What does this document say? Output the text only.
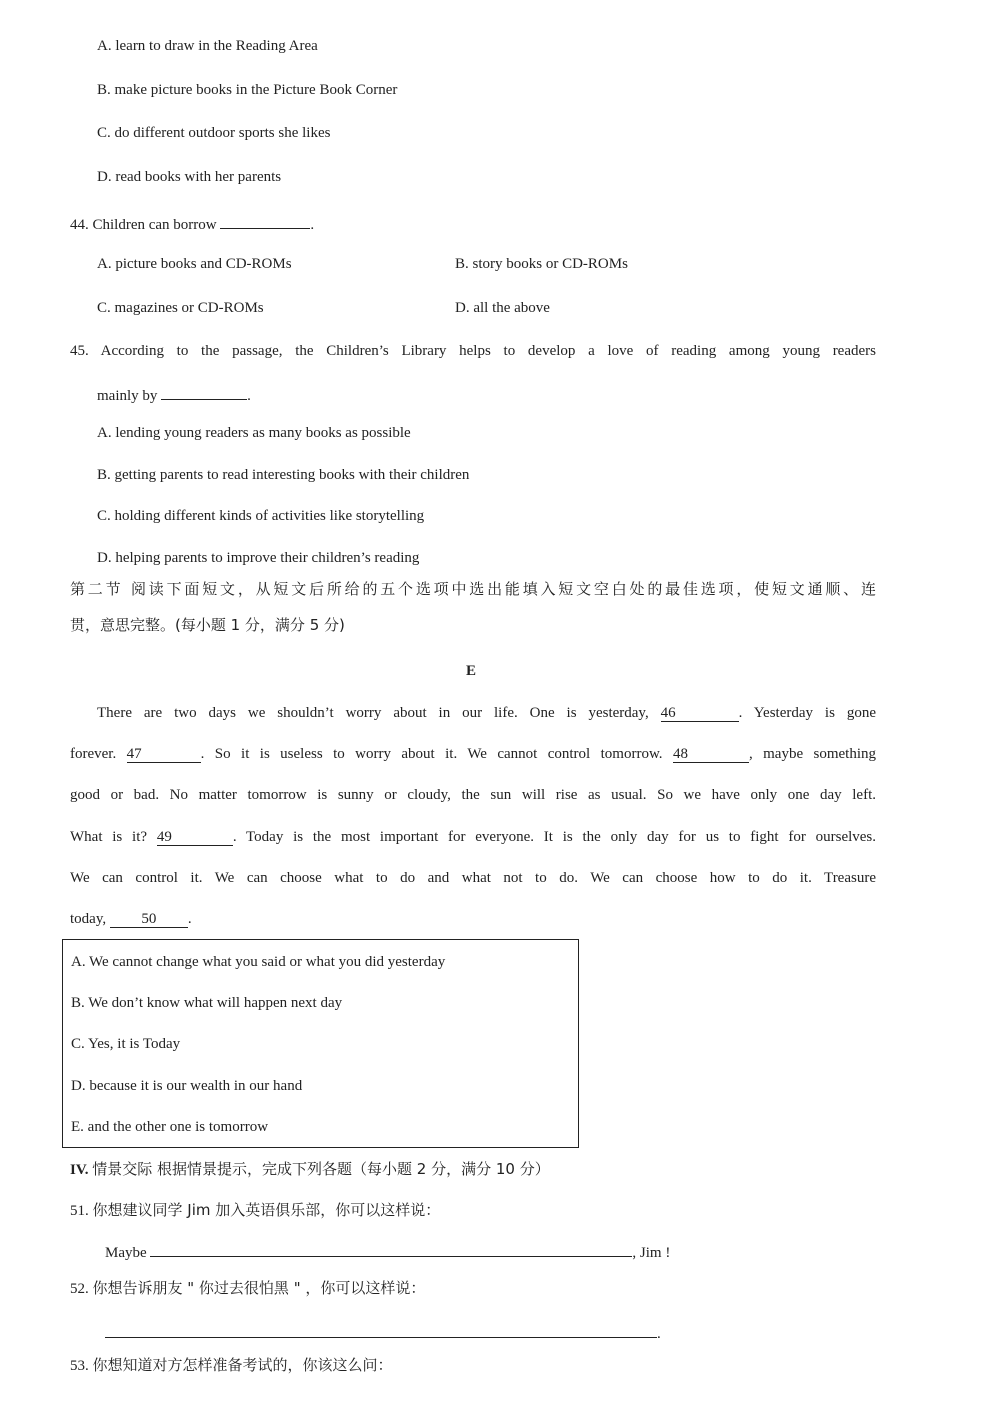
A. learn to draw in the Reading Area
B. make picture books in the Picture Book Corner
C. do different outdoor sports she likes
D. read books with her parents
44. Children can borrow	.
A. picture books and CD-ROMs	B. story books or CD-ROMs
C. magazines or CD-ROMs	D. all the above
45. According to the passage, the Children’s Library helps to develop a love of reading among young readers
mainly by	.
A. lending young readers as many books as possible
B. getting parents to read interesting books with their children
C. holding different kinds of activities like storytelling
D. helping parents to improve their children’s reading
第二节 阅读下面短文，从短文后所给的五个选项中选出能填入短文空白处的最佳选项，使短文通顺、连
贯，意思完整。(每小题 1 分，满分 5 分)
E
There are two days we shouldn’t worry about in our life. One is yesterday, 46	. Yesterday is gone
forever. 47	. So it is useless to worry about it. We cannot control tomorrow. 48	, maybe something
good or bad. No matter tomorrow is sunny or cloudy, the sun will rise as usual. So we have only one day left.
What is it? 49	. Today is the most important for everyone. It is the only day for us to fight for ourselves.
We can control it. We can choose what to do and what not to do. We can choose how to do it. Treasure
today, 50 .
A. We cannot change what you said or what you did yesterday
B. We don’t know what will happen next day
C. Yes, it is Today
D. because it is our wealth in our hand
E. and the other one is tomorrow
IV. 情景交际 根据情景提示，完成下列各题（每小题 2 分，满分 10 分）
51. 你想建议同学 Jim 加入英语俱乐部，你可以这样说：
Maybe	, Jim !
52. 你想告诉朋友 " 你过去很怕黑 " ，你可以这样说：
.
53. 你想知道对方怎样准备考试的，你该这么问：
